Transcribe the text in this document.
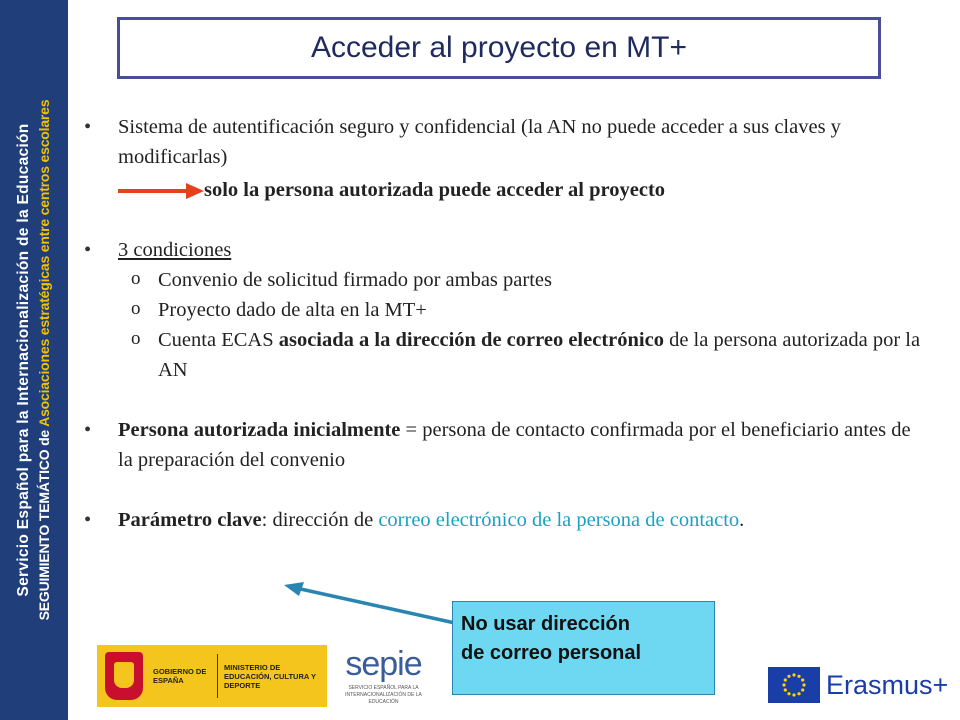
Servicio Español para la Internacionalización de la Educación SEGUIMIENTO TEMÁTICO de Asociaciones estratégicas entre centros escolares
Acceder al proyecto en MT+
• Sistema de autentificación seguro y confidencial (la AN no puede acceder a sus claves y modificarlas)
solo la persona autorizada puede acceder al proyecto
• 3 condiciones
o Convenio de solicitud firmado por ambas partes
o Proyecto dado de alta en la MT+
o Cuenta ECAS asociada a la dirección de correo electrónico de la persona autorizada por la AN
• Persona autorizada inicialmente = persona de contacto confirmada por el beneficiario antes de la preparación del convenio
• Parámetro clave: dirección de correo electrónico de la persona de contacto.
No usar dirección
de correo personal
GOBIERNO DE ESPAÑA
MINISTERIO DE EDUCACIÓN, CULTURA Y DEPORTE
sepie
SERVICIO ESPAÑOL PARA LA INTERNACIONALIZACIÓN DE LA EDUCACIÓN
Erasmus+
